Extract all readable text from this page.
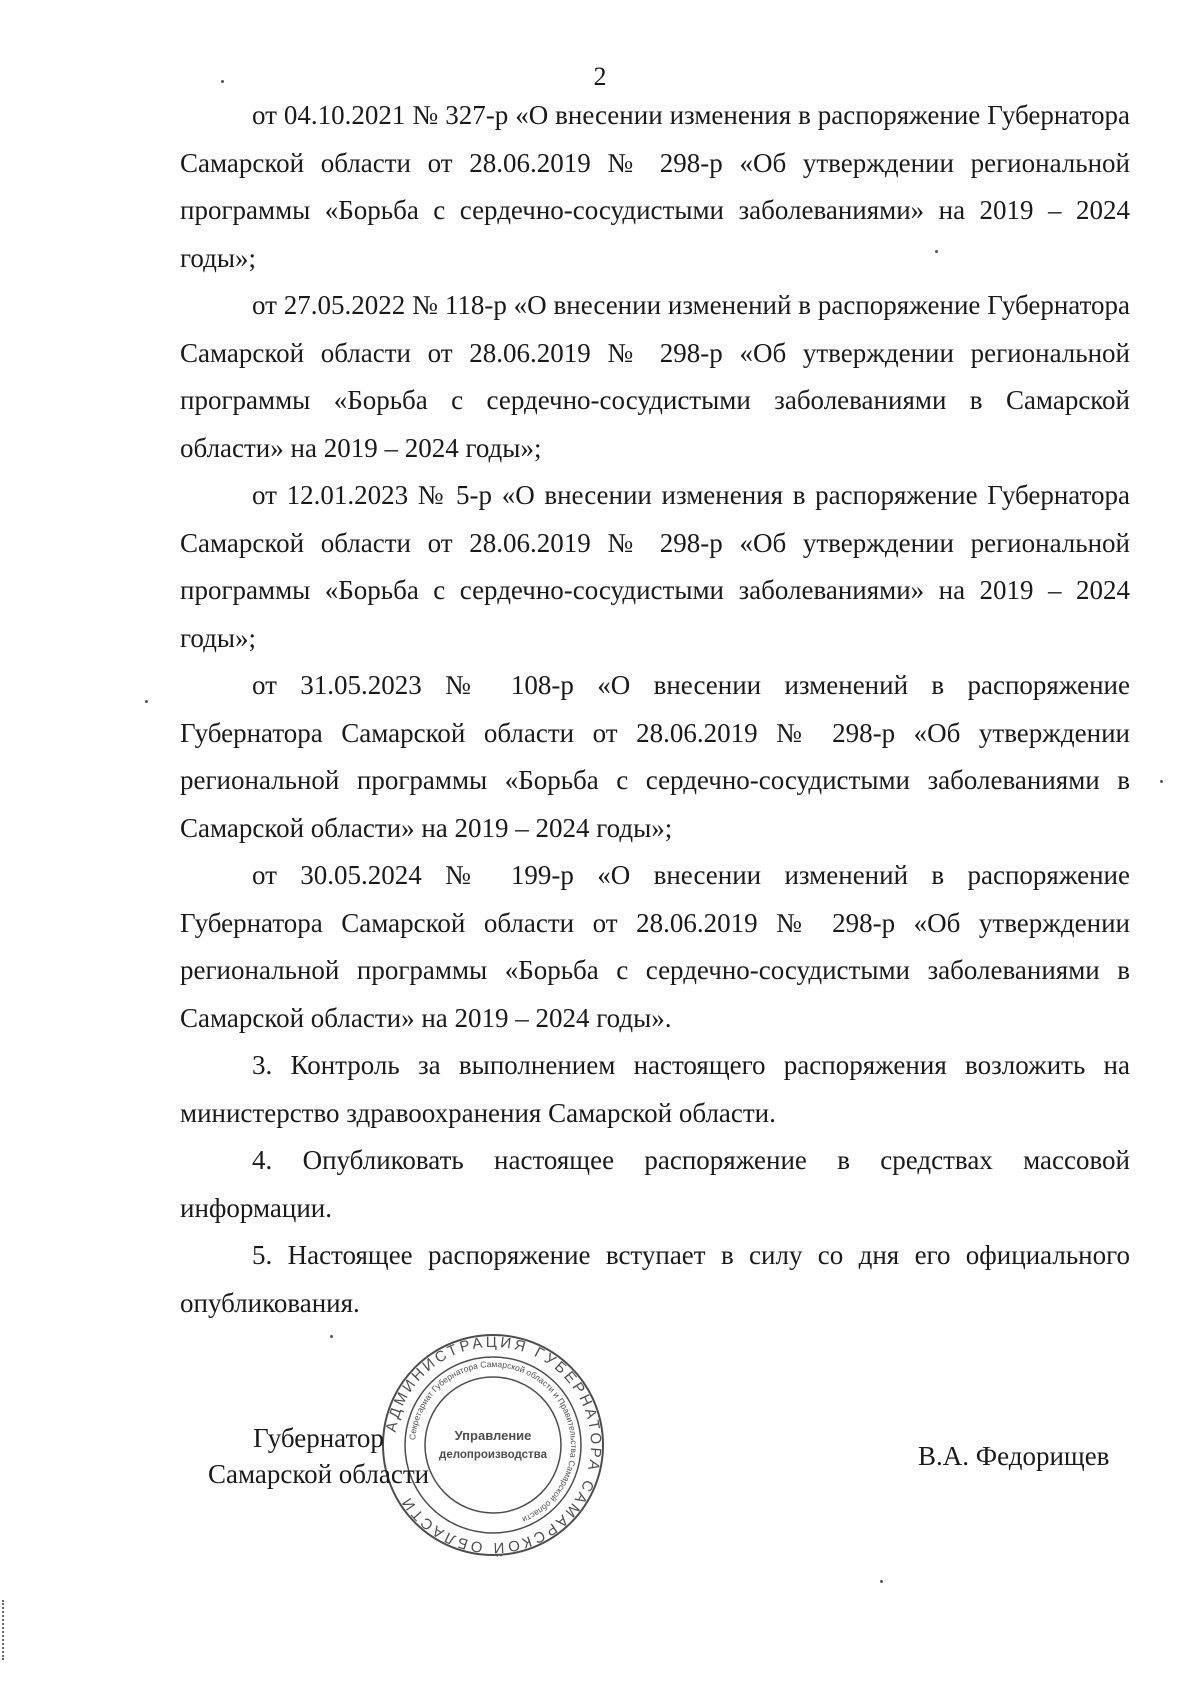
2

от 04.10.2021 № 327-р «О внесении изменения в распоряжение Губернатора Самарской области от 28.06.2019 № 298-р «Об утверждении региональной программы «Борьба с сердечно-сосудистыми заболеваниями» на 2019 – 2024 годы»;

от 27.05.2022 № 118-р «О внесении изменений в распоряжение Губернатора Самарской области от 28.06.2019 № 298-р «Об утверждении региональной программы «Борьба с сердечно-сосудистыми заболеваниями в Самарской области» на 2019 – 2024 годы»;

от 12.01.2023 № 5-р «О внесении изменения в распоряжение Губернатора Самарской области от 28.06.2019 № 298-р «Об утверждении региональной программы «Борьба с сердечно-сосудистыми заболеваниями» на 2019 – 2024 годы»;

от 31.05.2023 № 108-р «О внесении изменений в распоряжение Губернатора Самарской области от 28.06.2019 № 298-р «Об утверждении региональной программы «Борьба с сердечно-сосудистыми заболеваниями в Самарской области» на 2019 – 2024 годы»;

от 30.05.2024 № 199-р «О внесении изменений в распоряжение Губернатора Самарской области от 28.06.2019 № 298-р «Об утверждении региональной программы «Борьба с сердечно-сосудистыми заболеваниями в Самарской области» на 2019 – 2024 годы».

3. Контроль за выполнением настоящего распоряжения возложить на министерство здравоохранения Самарской области.

4. Опубликовать настоящее распоряжение в средствах массовой информации.

5. Настоящее распоряжение вступает в силу со дня его официального опубликования.

АДМИНИСТРАЦИЯ ГУБЕРНАТОРА САМАРСКОЙ ОБЛАСТИ
Секретариат Губернатора Самарской области и Правительства Самарской области
Управление
делопроизводства
Губернатор
Самарской области
В.А. Федорищев
